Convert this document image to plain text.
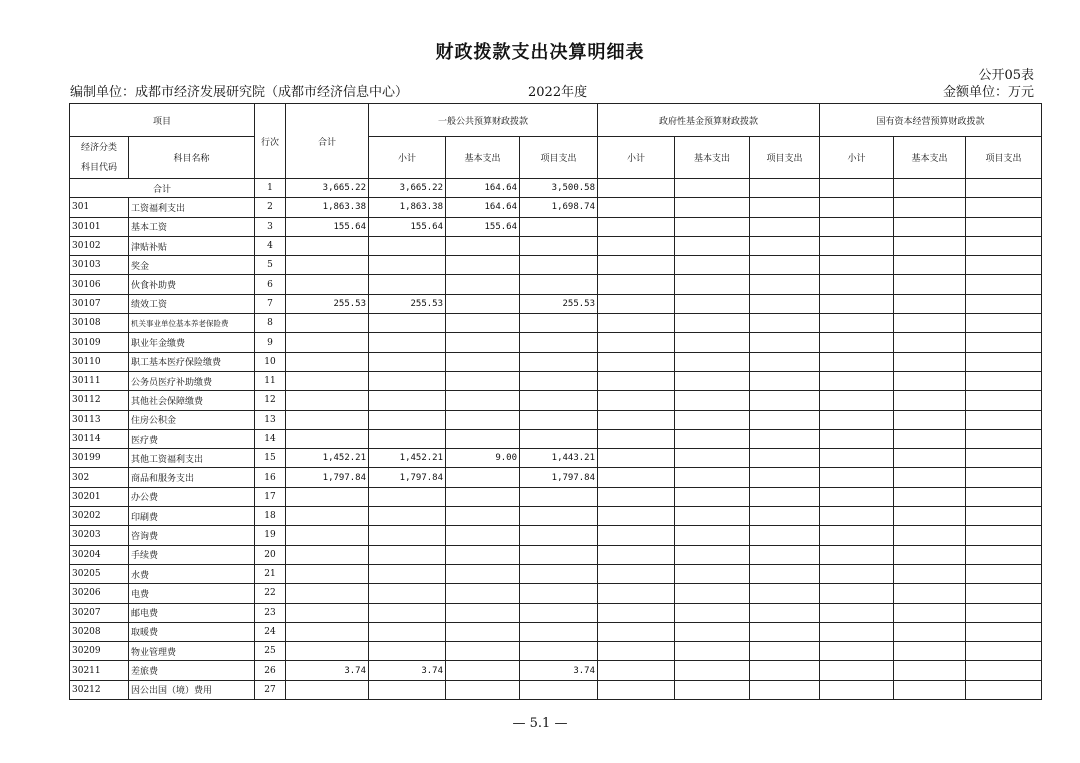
财政拨款支出决算明细表
公开05表
编制单位：成都市经济发展研究院（成都市经济信息中心）	2022年度	金额单位：万元
项目		行次	合计	一般公共预算财政拨款			政府性基金预算财政拨款			国有资本经营预算财政拨款		
经济分类
科目代码	科目名称			小计	基本支出	项目支出	小计	基本支出	项目支出	小计	基本支出	项目支出
合计		1	3,665.22	3,665.22	164.64	3,500.58						
301	工资福利支出	2	1,863.38	1,863.38	164.64	1,698.74						
30101	基本工资	3	155.64	155.64	155.64							
30102	津贴补贴	4										
30103	奖金	5										
30106	伙食补助费	6										
30107	绩效工资	7	255.53	255.53		255.53						
30108	机关事业单位基本养老保险费	8										
30109	职业年金缴费	9										
30110	职工基本医疗保险缴费	10										
30111	公务员医疗补助缴费	11										
30112	其他社会保障缴费	12										
30113	住房公积金	13										
30114	医疗费	14										
30199	其他工资福利支出	15	1,452.21	1,452.21	9.00	1,443.21						
302	商品和服务支出	16	1,797.84	1,797.84		1,797.84						
30201	办公费	17										
30202	印刷费	18										
30203	咨询费	19										
30204	手续费	20										
30205	水费	21										
30206	电费	22										
30207	邮电费	23										
30208	取暖费	24										
30209	物业管理费	25										
30211	差旅费	26	3.74	3.74		3.74						
30212	因公出国（境）费用	27										
— 5.1 —
